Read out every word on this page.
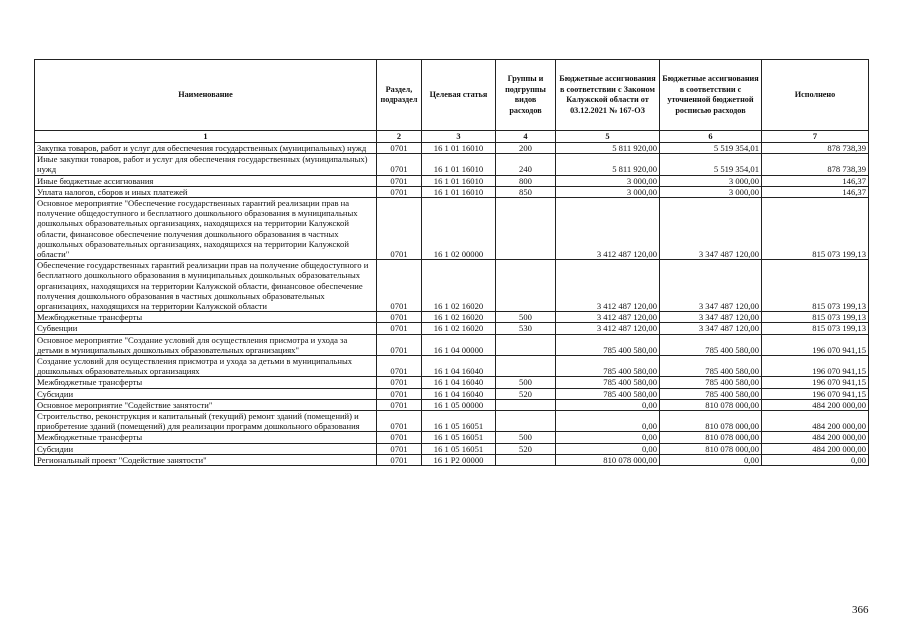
Наименование	Раздел, подраздел	Целевая статья	Группы и подгруппы видов расходов	Бюджетные ассигнования в соответствии с Законом Калужской области от 03.12.2021 № 167-ОЗ	Бюджетные ассигнования в соответствии с уточненной бюджетной росписью расходов	Исполнено
1	2	3	4	5	6	7
Закупка товаров, работ и услуг для обеспечения государственных (муниципальных) нужд	0701	16 1 01 16010	200	5 811 920,00	5 519 354,01	878 738,39
Иные закупки товаров, работ и услуг для обеспечения государственных (муниципальных) нужд	0701	16 1 01 16010	240	5 811 920,00	5 519 354,01	878 738,39
Иные бюджетные ассигнования	0701	16 1 01 16010	800	3 000,00	3 000,00	146,37
Уплата налогов, сборов и иных платежей	0701	16 1 01 16010	850	3 000,00	3 000,00	146,37
Основное мероприятие "Обеспечение государственных гарантий реализации прав на получение общедоступного и бесплатного дошкольного образования в муниципальных дошкольных образовательных организациях, находящихся на территории Калужской области, финансовое обеспечение получения дошкольного образования в частных дошкольных образовательных организациях, находящихся на территории Калужской области"	0701	16 1 02 00000		3 412 487 120,00	3 347 487 120,00	815 073 199,13
Обеспечение государственных гарантий реализации прав на получение общедоступного и бесплатного дошкольного образования в муниципальных дошкольных образовательных организациях, находящихся на территории Калужской области, финансовое обеспечение получения дошкольного образования в частных дошкольных образовательных организациях, находящихся на территории Калужской области	0701	16 1 02 16020		3 412 487 120,00	3 347 487 120,00	815 073 199,13
Межбюджетные трансферты	0701	16 1 02 16020	500	3 412 487 120,00	3 347 487 120,00	815 073 199,13
Субвенции	0701	16 1 02 16020	530	3 412 487 120,00	3 347 487 120,00	815 073 199,13
Основное мероприятие "Создание условий для осуществления присмотра и ухода за детьми в муниципальных дошкольных образовательных организациях"	0701	16 1 04 00000		785 400 580,00	785 400 580,00	196 070 941,15
Создание условий для осуществления присмотра и ухода за детьми в муниципальных дошкольных образовательных организациях	0701	16 1 04 16040		785 400 580,00	785 400 580,00	196 070 941,15
Межбюджетные трансферты	0701	16 1 04 16040	500	785 400 580,00	785 400 580,00	196 070 941,15
Субсидии	0701	16 1 04 16040	520	785 400 580,00	785 400 580,00	196 070 941,15
Основное мероприятие "Содействие занятости"	0701	16 1 05 00000		0,00	810 078 000,00	484 200 000,00
Строительство, реконструкция и капитальный (текущий) ремонт зданий (помещений) и приобретение зданий (помещений) для реализации программ дошкольного образования	0701	16 1 05 16051		0,00	810 078 000,00	484 200 000,00
Межбюджетные трансферты	0701	16 1 05 16051	500	0,00	810 078 000,00	484 200 000,00
Субсидии	0701	16 1 05 16051	520	0,00	810 078 000,00	484 200 000,00
Региональный проект "Содействие занятости"	0701	16 1 P2 00000		810 078 000,00	0,00	0,00
366
